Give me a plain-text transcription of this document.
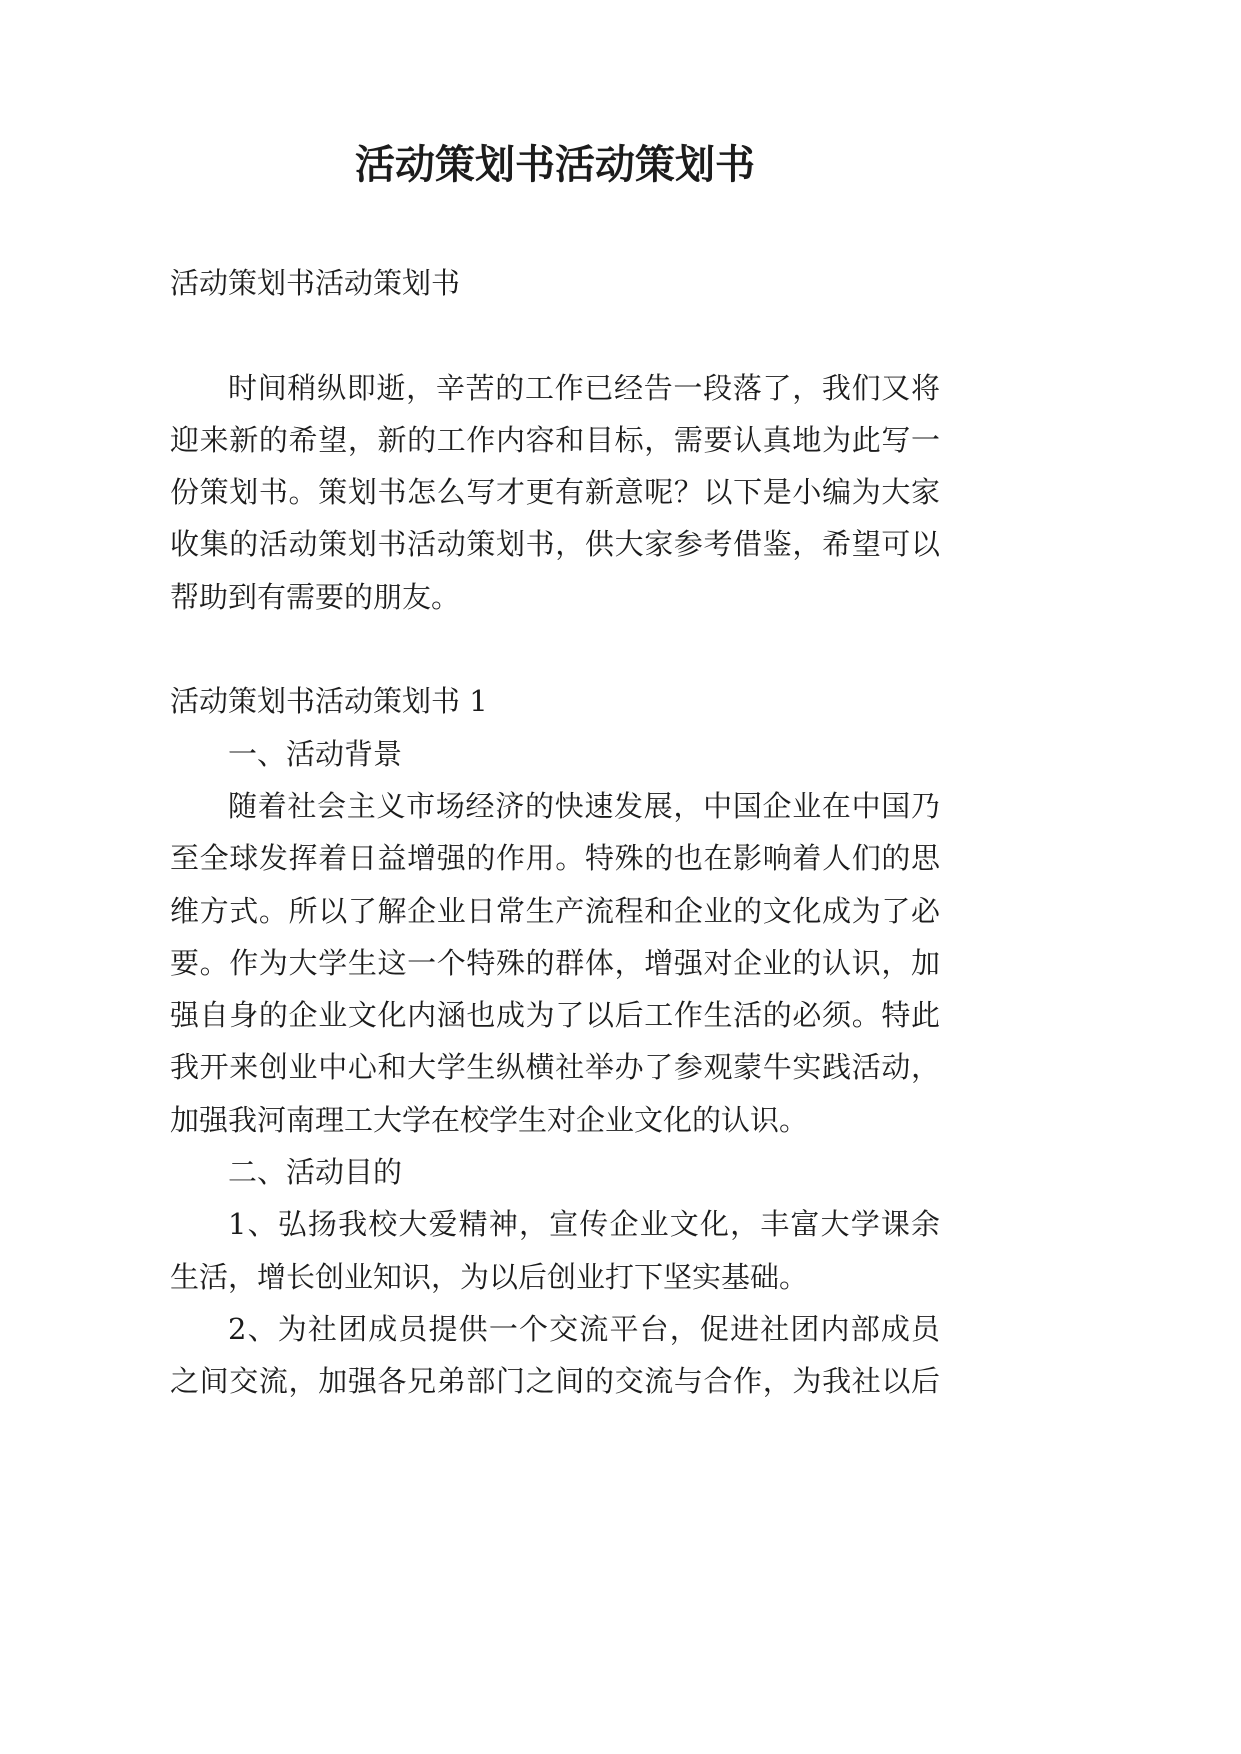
活动策划书活动策划书
活动策划书活动策划书
时间稍纵即逝，辛苦的工作已经告一段落了，我们又将
迎来新的希望，新的工作内容和目标，需要认真地为此写一
份策划书。策划书怎么写才更有新意呢？以下是小编为大家
收集的活动策划书活动策划书，供大家参考借鉴，希望可以
帮助到有需要的朋友。
活动策划书活动策划书 1
一、活动背景
随着社会主义市场经济的快速发展，中国企业在中国乃
至全球发挥着日益增强的作用。特殊的也在影响着人们的思
维方式。所以了解企业日常生产流程和企业的文化成为了必
要。作为大学生这一个特殊的群体，增强对企业的认识，加
强自身的企业文化内涵也成为了以后工作生活的必须。特此
我开来创业中心和大学生纵横社举办了参观蒙牛实践活动，
加强我河南理工大学在校学生对企业文化的认识。
二、活动目的
1、弘扬我校大爱精神，宣传企业文化，丰富大学课余
生活，增长创业知识，为以后创业打下坚实基础。
2、为社团成员提供一个交流平台，促进社团内部成员
之间交流，加强各兄弟部门之间的交流与合作，为我社以后
